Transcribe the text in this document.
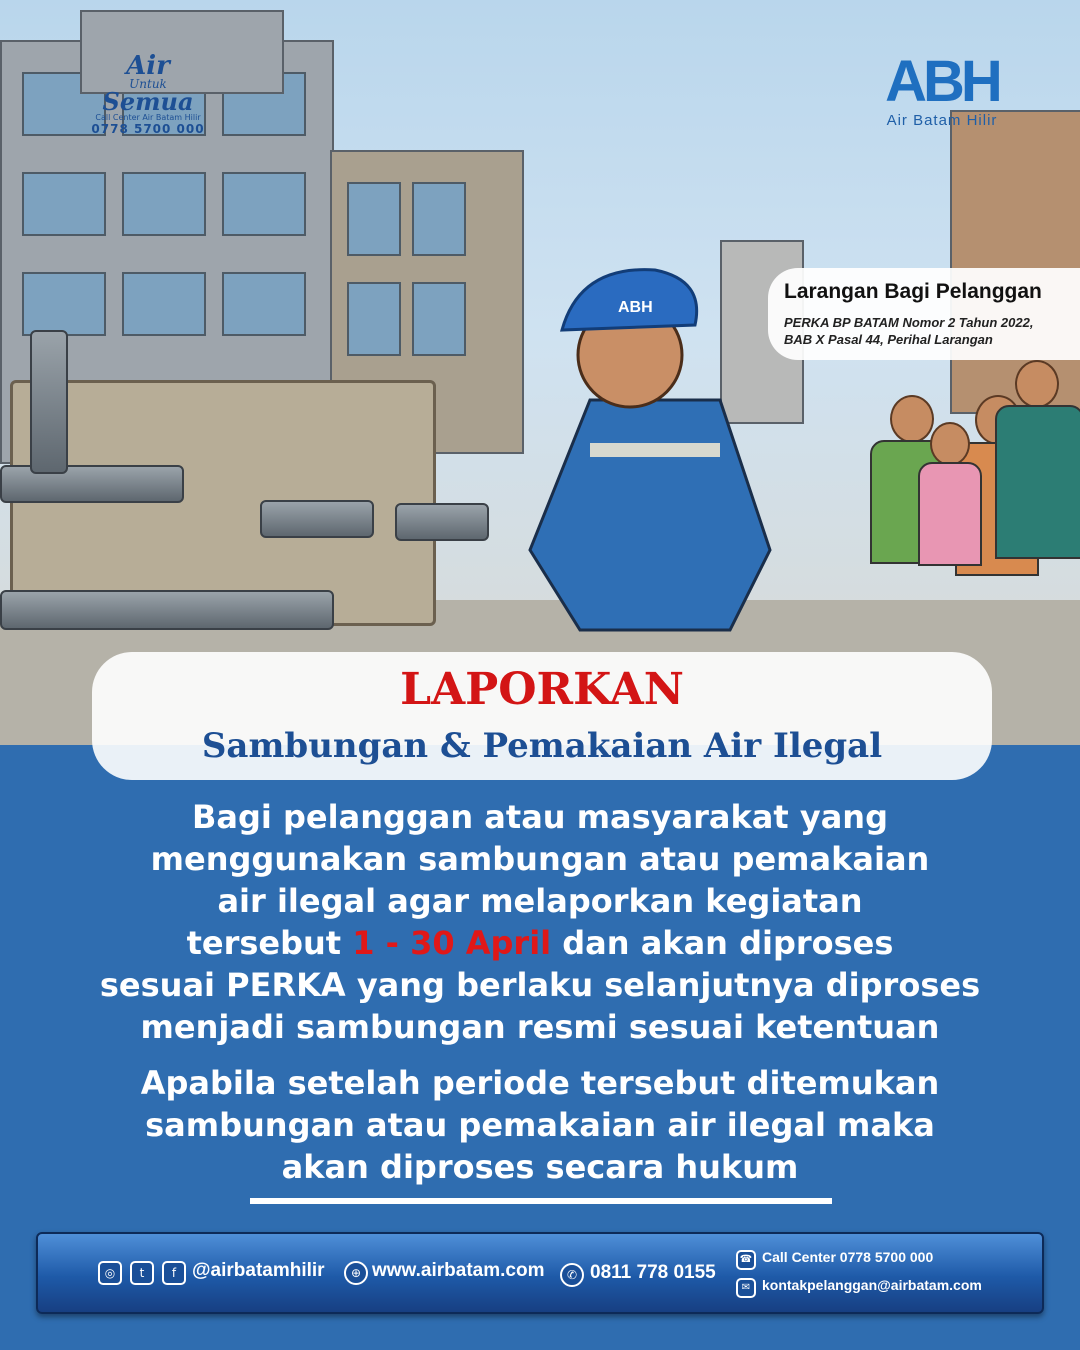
ABH
Air
Untuk
Semua
Call Center Air Batam Hilir
0778 5700 000
ABH
Air Batam Hilir
Larangan Bagi Pelanggan
PERKA BP BATAM Nomor 2 Tahun 2022,
BAB X Pasal 44, Perihal Larangan
LAPORKAN
Sambungan & Pemakaian Air Ilegal
Bagi pelanggan atau masyarakat yang
menggunakan sambungan atau pemakaian
air ilegal agar melaporkan kegiatan
tersebut 1 - 30 April dan akan diproses
sesuai PERKA yang berlaku selanjutnya diproses
menjadi sambungan resmi sesuai ketentuan
Apabila setelah periode tersebut ditemukan
sambungan atau pemakaian air ilegal maka
akan diproses secara hukum
◎	t	f @airbatamhilir	⊕ www.airbatam.com	✆ 0811 778 0155
☎ Call Center 0778 5700 000
✉ kontakpelanggan@airbatam.com
